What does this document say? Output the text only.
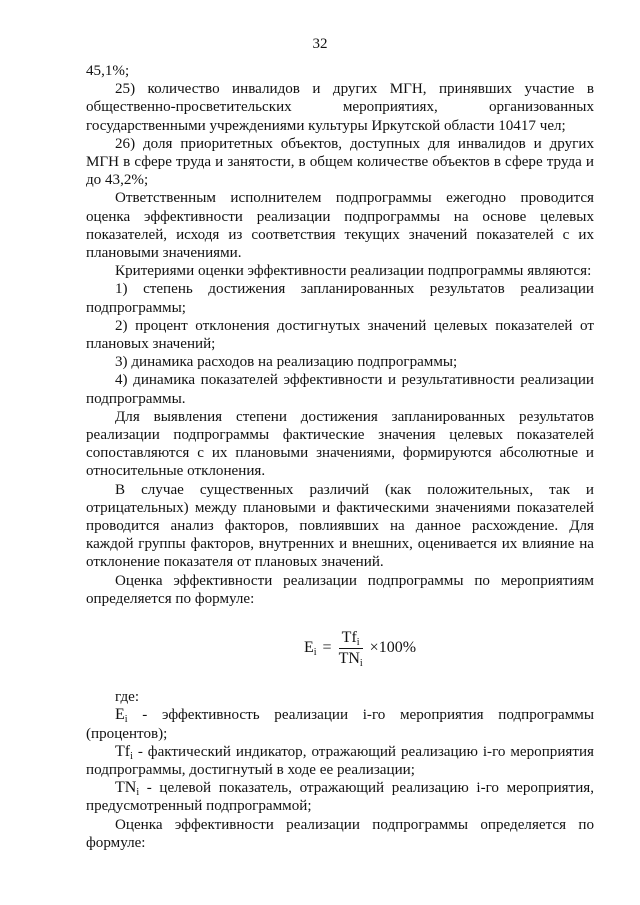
32

45,1%;

25) количество инвалидов и других МГН, принявших участие в общественно-просветительских мероприятиях, организованных государственными учреждениями культуры Иркутской области 10417 чел;

26) доля приоритетных объектов, доступных для инвалидов и других МГН в сфере труда и занятости, в общем количестве объектов в сфере труда и до 43,2%;

Ответственным исполнителем подпрограммы ежегодно проводится оценка эффективности реализации подпрограммы на основе целевых показателей, исходя из соответствия текущих значений показателей с их плановыми значениями.

Критериями оценки эффективности реализации подпрограммы являются:

1) степень достижения запланированных результатов реализации подпрограммы;

2) процент отклонения достигнутых значений целевых показателей от плановых значений;

3) динамика расходов на реализацию подпрограммы;

4) динамика показателей эффективности и результативности реализации подпрограммы.

Для выявления степени достижения запланированных результатов реализации подпрограммы фактические значения целевых показателей сопоставляются с их плановыми значениями, формируются абсолютные и относительные отклонения.

В случае существенных различий (как положительных, так и отрицательных) между плановыми и фактическими значениями показателей проводится анализ факторов, повлиявших на данное расхождение. Для каждой группы факторов, внутренних и внешних, оценивается их влияние на отклонение показателя от плановых значений.

Оценка эффективности реализации подпрограммы по мероприятиям определяется по формуле:

$E_i = \frac{Tf_i}{TN_i} \times 100\%$

где:

$E_i$ - эффективность реализации i-го мероприятия подпрограммы (процентов);

$Tf_i$ - фактический индикатор, отражающий реализацию i-го мероприятия подпрограммы, достигнутый в ходе ее реализации;

$TN_i$ - целевой показатель, отражающий реализацию i-го мероприятия, предусмотренный подпрограммой;

Оценка эффективности реализации подпрограммы определяется по формуле:
